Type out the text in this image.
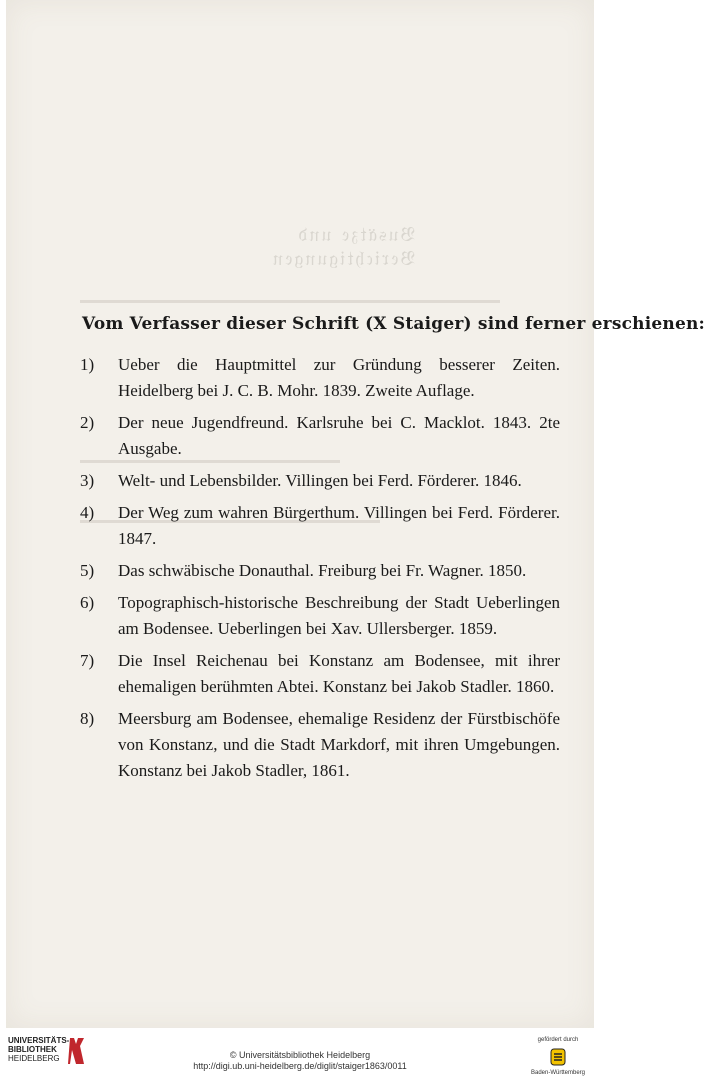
𝔅𝔲𝔰𝔞̈𝔱𝔷𝔢 𝔲𝔫𝔡 𝔅𝔢𝔯𝔦𝔠𝔥𝔱𝔦𝔤𝔲𝔫𝔤𝔢𝔫
Vom Verfasser dieser Schrift (X Staiger) sind ferner erschienen:
1)	Ueber die Hauptmittel zur Gründung besserer Zeiten. Heidelberg bei J. C. B. Mohr. 1839. Zweite Auflage.
2)	Der neue Jugendfreund. Karlsruhe bei C. Macklot. 1843. 2te Ausgabe.
3)	Welt- und Lebensbilder. Villingen bei Ferd. Förderer. 1846.
4)	Der Weg zum wahren Bürgerthum. Villingen bei Ferd. Förderer. 1847.
5)	Das schwäbische Donauthal. Freiburg bei Fr. Wagner. 1850.
6)	Topographisch-historische Beschreibung der Stadt Ueberlingen am Bodensee. Ueberlingen bei Xav. Ullersberger. 1859.
7)	Die Insel Reichenau bei Konstanz am Bodensee, mit ihrer ehemaligen berühmten Abtei. Konstanz bei Jakob Stadler. 1860.
8)	Meersburg am Bodensee, ehemalige Residenz der Fürstbischöfe von Konstanz, und die Stadt Markdorf, mit ihren Umgebungen. Konstanz bei Jakob Stadler, 1861.
UNIVERSITÄTS-
BIBLIOTHEK
HEIDELBERG	© Universitätsbibliothek Heidelberg
http://digi.ub.uni-heidelberg.de/diglit/staiger1863/0011
gefördert durch
Baden-Württemberg
